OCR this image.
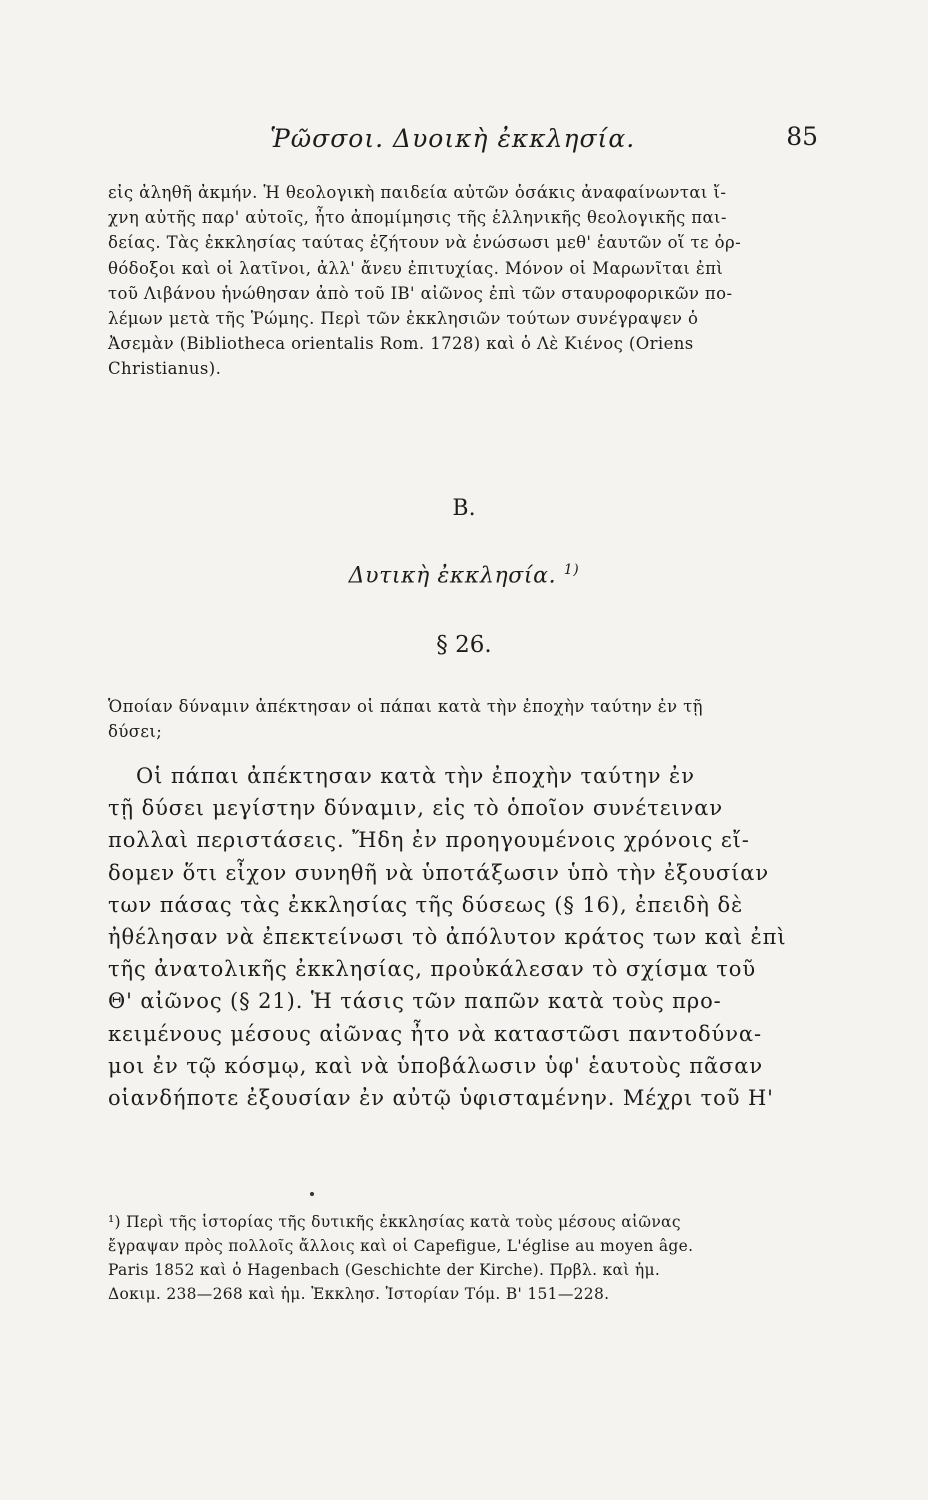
Ῥῶσσοι. Δυοικὴ ἐκκλησία.	85
εἰς ἀληθῆ ἀκμήν. Ἡ θεολογικὴ παιδεία αὐτῶν ὁσάκις ἀναφαίνωνται ἴ-
χνη αὐτῆς παρ' αὐτοῖς, ἦτο ἀπομίμησις τῆς ἑλληνικῆς θεολογικῆς παι-
δείας. Τὰς ἐκκλησίας ταύτας ἐζήτουν νὰ ἑνώσωσι μεθ' ἑαυτῶν οἵ τε ὀρ-
θόδοξοι καὶ οἱ λατῖνοι, ἀλλ' ἄνευ ἐπιτυχίας. Μόνον οἱ Μαρωνῖται ἐπὶ
τοῦ Λιβάνου ἡνώθησαν ἀπὸ τοῦ ΙΒ' αἰῶνος ἐπὶ τῶν σταυροφορικῶν πο-
λέμων μετὰ τῆς Ῥώμης. Περὶ τῶν ἐκκλησιῶν τούτων συνέγραψεν ὁ
Ἀσεμὰν (Bibliotheca orientalis Rom. 1728) καὶ ὁ Λὲ Κιένος (Oriens
Christianus).
B.
Δυτικὴ ἐκκλησία. $^{1)}$
§ 26.
Ὁποίαν δύναμιν ἀπέκτησαν οἱ πάπαι κατὰ τὴν ἐποχὴν ταύτην ἐν τῇ
δύσει;
Οἱ πάπαι ἀπέκτησαν κατὰ τὴν ἐποχὴν ταύτην ἐν
τῇ δύσει μεγίστην δύναμιν, εἰς τὸ ὁποῖον συνέτειναν
πολλαὶ περιστάσεις. Ἤδη ἐν προηγουμένοις χρόνοις εἴ-
δομεν ὅτι εἶχον συνηθῆ νὰ ὑποτάξωσιν ὑπὸ τὴν ἐξουσίαν
των πάσας τὰς ἐκκλησίας τῆς δύσεως (§ 16), ἐπειδὴ δὲ
ἠθέλησαν νὰ ἐπεκτείνωσι τὸ ἀπόλυτον κράτος των καὶ ἐπὶ
τῆς ἀνατολικῆς ἐκκλησίας, προὐκάλεσαν τὸ σχίσμα τοῦ
Θ' αἰῶνος (§ 21). Ἡ τάσις τῶν παπῶν κατὰ τοὺς προ-
κειμένους μέσους αἰῶνας ἦτο νὰ καταστῶσι παντοδύνα-
μοι ἐν τῷ κόσμῳ, καὶ νὰ ὑποβάλωσιν ὑφ' ἑαυτοὺς πᾶσαν
οἱανδήποτε ἐξουσίαν ἐν αὐτῷ ὑφισταμένην. Μέχρι τοῦ Η'
¹) Περὶ τῆς ἱστορίας τῆς δυτικῆς ἐκκλησίας κατὰ τοὺς μέσους αἰῶνας
ἔγραψαν πρὸς πολλοῖς ἄλλοις καὶ οἱ Capefigue, L'église au moyen âge.
Paris 1852 καὶ ὁ Hagenbach (Geschichte der Kirche). Πρβλ. καὶ ἡμ.
Δοκιμ. 238—268 καὶ ἡμ. Ἐκκλησ. Ἱστορίαν Τόμ. Β' 151—228.
